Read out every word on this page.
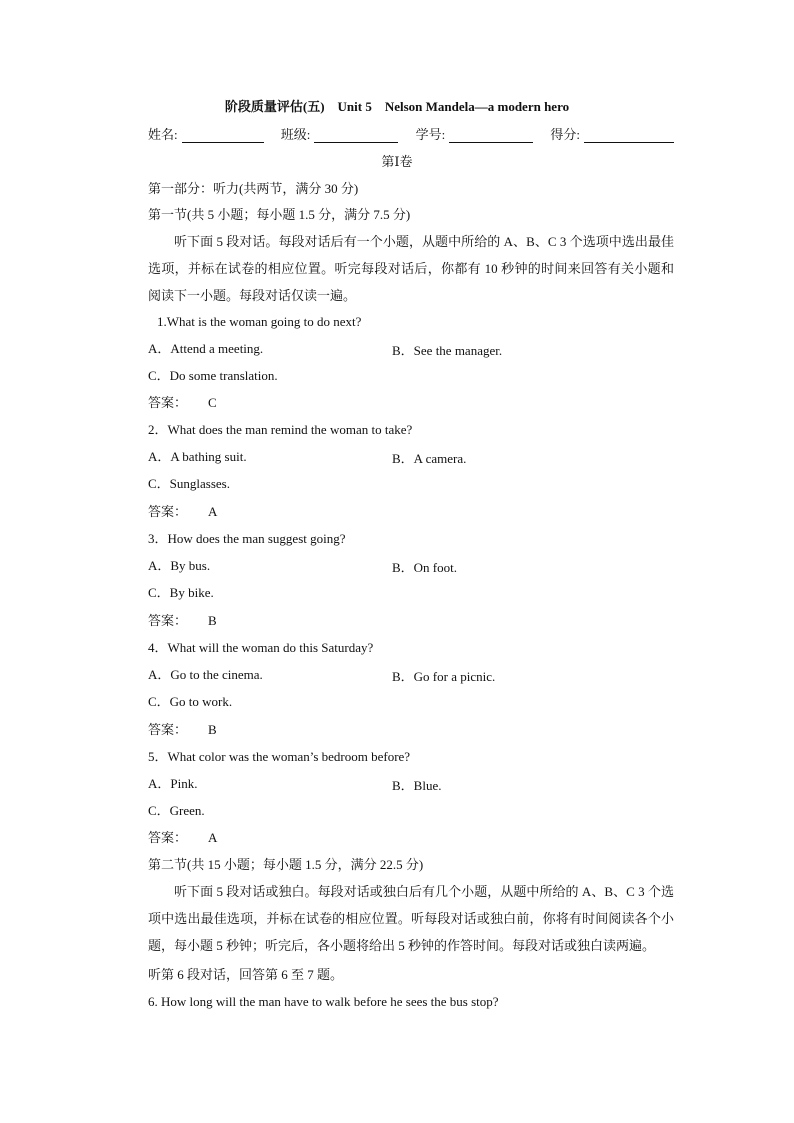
阶段质量评估(五)　Unit 5　Nelson Mandela—a modern hero
姓名:	班级:	学号:	得分:
第Ⅰ卷
第一部分：听力(共两节，满分 30 分)
第一节(共 5 小题；每小题 1.5 分，满分 7.5 分)
听下面 5 段对话。每段对话后有一个小题，从题中所给的 A、B、C 3 个选项中选出最佳选项，并标在试卷的相应位置。听完每段对话后，你都有 10 秒钟的时间来回答有关小题和阅读下一小题。每段对话仅读一遍。
1.What is the woman going to do next?
A．Attend a meeting.	B．See the manager.
C．Do some translation.
答案： C
2．What does the man remind the woman to take?
A．A bathing suit.	B．A camera.
C．Sunglasses.
答案： A
3．How does the man suggest going?
A．By bus.	B．On foot.
C．By bike.
答案： B
4．What will the woman do this Saturday?
A．Go to the cinema.	B．Go for a picnic.
C．Go to work.
答案： B
5．What color was the woman’s bedroom before?
A．Pink.	B．Blue.
C．Green.
答案： A
第二节(共 15 小题；每小题 1.5 分，满分 22.5 分)
听下面 5 段对话或独白。每段对话或独白后有几个小题，从题中所给的 A、B、C 3 个选项中选出最佳选项，并标在试卷的相应位置。听每段对话或独白前，你将有时间阅读各个小题，每小题 5 秒钟；听完后，各小题将给出 5 秒钟的作答时间。每段对话或独白读两遍。
听第 6 段对话，回答第 6 至 7 题。
6. How long will the man have to walk before he sees the bus stop?
